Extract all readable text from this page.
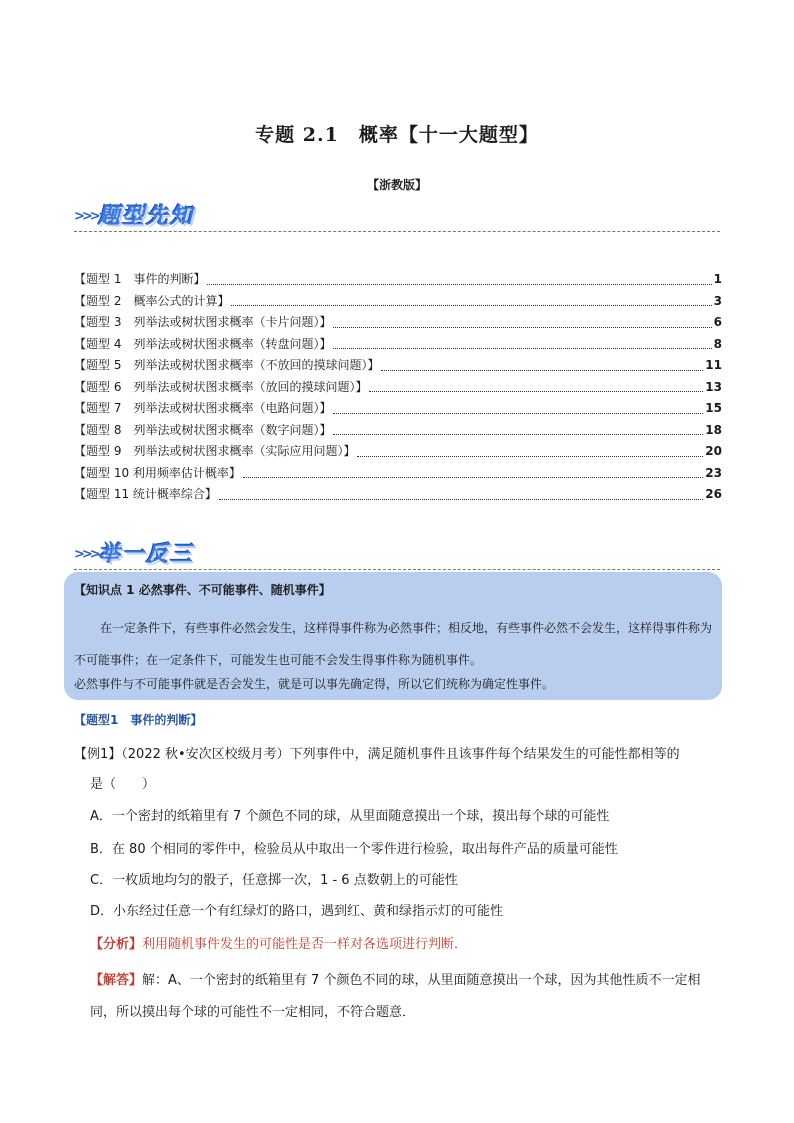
专题 2.1　概率【十一大题型】
【浙教版】
>>> 题型先知
【题型 1　事件的判断】	1
【题型 2　概率公式的计算】	3
【题型 3　列举法或树状图求概率（卡片问题）】	6
【题型 4　列举法或树状图求概率（转盘问题）】	8
【题型 5　列举法或树状图求概率（不放回的摸球问题）】	11
【题型 6　列举法或树状图求概率（放回的摸球问题）】	13
【题型 7　列举法或树状图求概率（电路问题）】	15
【题型 8　列举法或树状图求概率（数字问题）】	18
【题型 9　列举法或树状图求概率（实际应用问题）】	20
【题型 10 利用频率估计概率】	23
【题型 11 统计概率综合】	26
>>> 举一反三
【知识点 1 必然事件、不可能事件、随机事件】
在一定条件下，有些事件必然会发生，这样得事件称为必然事件；相反地，有些事件必然不会发生，这样得事件称为不可能事件；在一定条件下，可能发生也可能不会发生得事件称为随机事件。
必然事件与不可能事件就是否会发生，就是可以事先确定得，所以它们统称为确定性事件。
【题型1　事件的判断】
【例1】（2022 秋•安次区校级月考）下列事件中，满足随机事件且该事件每个结果发生的可能性都相等的
是（　　）
A．一个密封的纸箱里有 7 个颜色不同的球，从里面随意摸出一个球，摸出每个球的可能性
B．在 80 个相同的零件中，检验员从中取出一个零件进行检验，取出每件产品的质量可能性
C．一枚质地均匀的骰子，任意掷一次，1 - 6 点数朝上的可能性
D．小东经过任意一个有红绿灯的路口，遇到红、黄和绿指示灯的可能性
【分析】利用随机事件发生的可能性是否一样对各选项进行判断．
【解答】解：A、一个密封的纸箱里有 7 个颜色不同的球，从里面随意摸出一个球，因为其他性质不一定相同，所以摸出每个球的可能性不一定相同，不符合题意．
